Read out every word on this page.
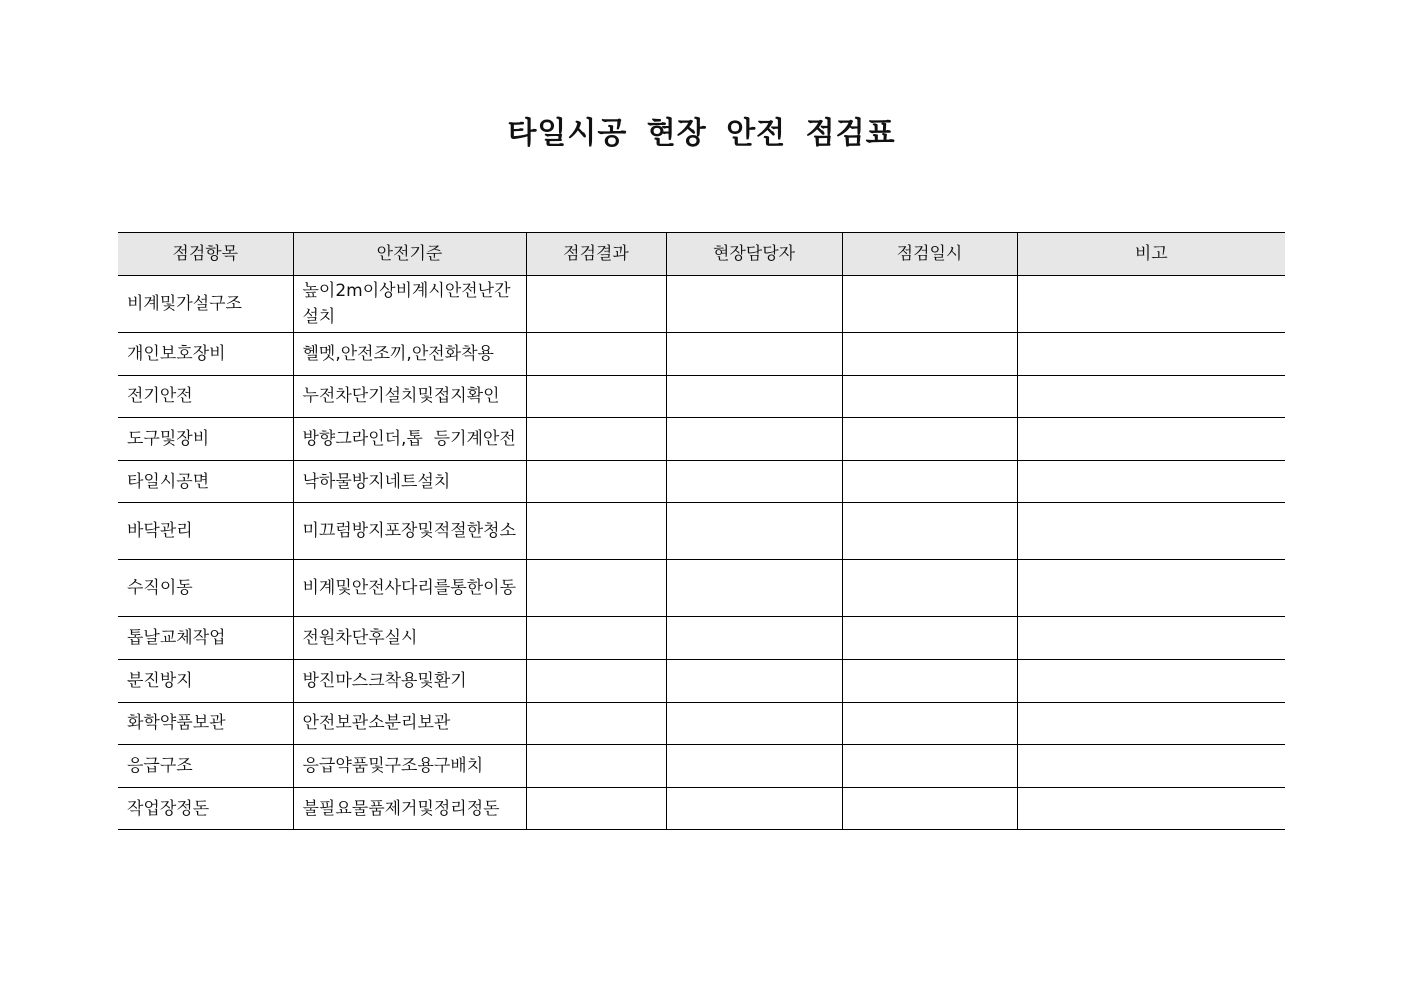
타일시공 현장 안전 점검표
점검항목	안전기준	점검결과	현장담당자	점검일시	비고
비계및가설구조	높이2m이상비계시안전난간설치				
개인보호장비	헬멧,안전조끼,안전화착용				
전기안전	누전차단기설치및접지확인				
도구및장비	방향그라인더,톱  등기계안전				
타일시공면	낙하물방지네트설치				
바닥관리	미끄럼방지포장및적절한청소				
수직이동	비계및안전사다리를통한이동				
톱날교체작업	전원차단후실시				
분진방지	방진마스크착용및환기				
화학약품보관	안전보관소분리보관				
응급구조	응급약품및구조용구배치				
작업장정돈	불필요물품제거및정리정돈				
